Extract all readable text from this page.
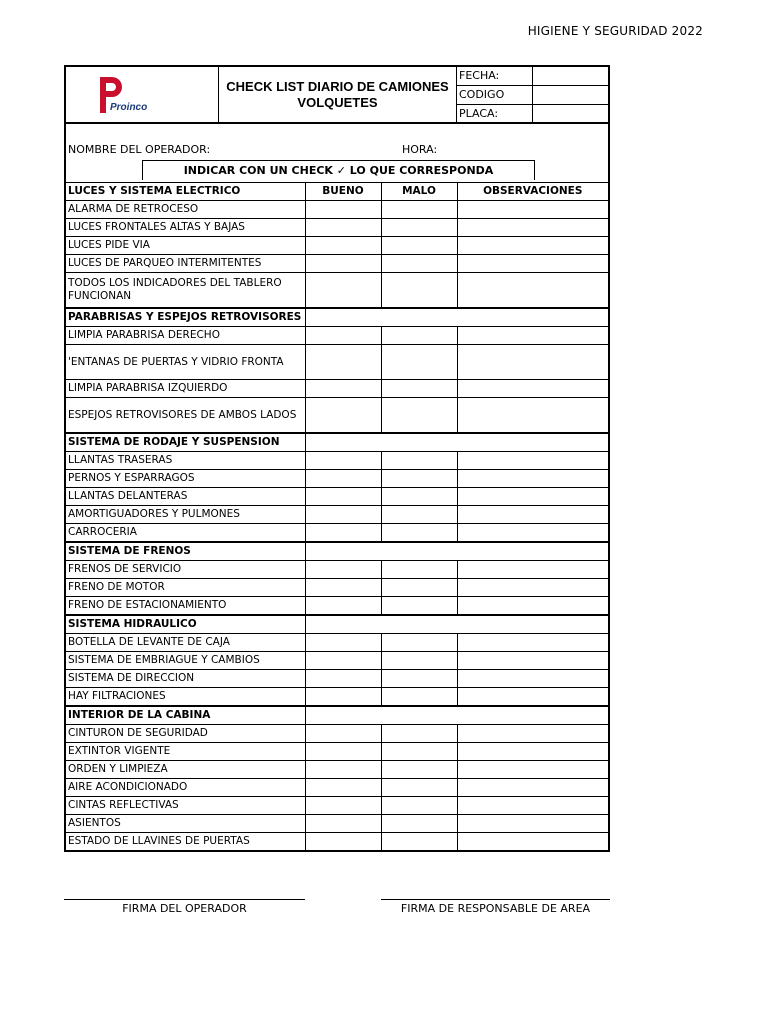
HIGIENE Y SEGURIDAD 2022
Proinco
CHECK LIST DIARIO DE CAMIONES VOLQUETES
FECHA:
CODIGO
PLACA:
NOMBRE DEL OPERADOR:	HORA:
INDICAR CON UN CHECK ✓ LO QUE CORRESPONDA
LUCES Y SISTEMA ELECTRICO	BUENO	MALO	OBSERVACIONES
ALARMA DE RETROCESO			
LUCES FRONTALES ALTAS Y BAJAS			
LUCES PIDE VIA			
LUCES DE PARQUEO INTERMITENTES			
TODOS LOS INDICADORES DEL TABLERO FUNCIONAN			
PARABRISAS Y ESPEJOS RETROVISORES			
LIMPIA PARABRISA DERECHO			
'ENTANAS DE PUERTAS Y VIDRIO FRONTA			
LIMPIA PARABRISA IZQUIERDO			
ESPEJOS RETROVISORES DE AMBOS LADOS			
SISTEMA DE RODAJE Y SUSPENSION			
LLANTAS TRASERAS			
PERNOS Y ESPARRAGOS			
LLANTAS DELANTERAS			
AMORTIGUADORES Y PULMONES			
CARROCERIA			
SISTEMA DE FRENOS			
FRENOS DE SERVICIO			
FRENO DE MOTOR			
FRENO DE ESTACIONAMIENTO			
SISTEMA HIDRAULICO			
BOTELLA DE LEVANTE DE CAJA			
SISTEMA DE EMBRIAGUE Y CAMBIOS			
SISTEMA DE DIRECCION			
HAY FILTRACIONES			
INTERIOR DE LA CABINA			
CINTURON DE SEGURIDAD			
EXTINTOR VIGENTE			
ORDEN Y LIMPIEZA			
AIRE ACONDICIONADO			
CINTAS REFLECTIVAS			
ASIENTOS			
ESTADO DE LLAVINES DE PUERTAS			
FIRMA DEL OPERADOR	FIRMA DE RESPONSABLE DE AREA
